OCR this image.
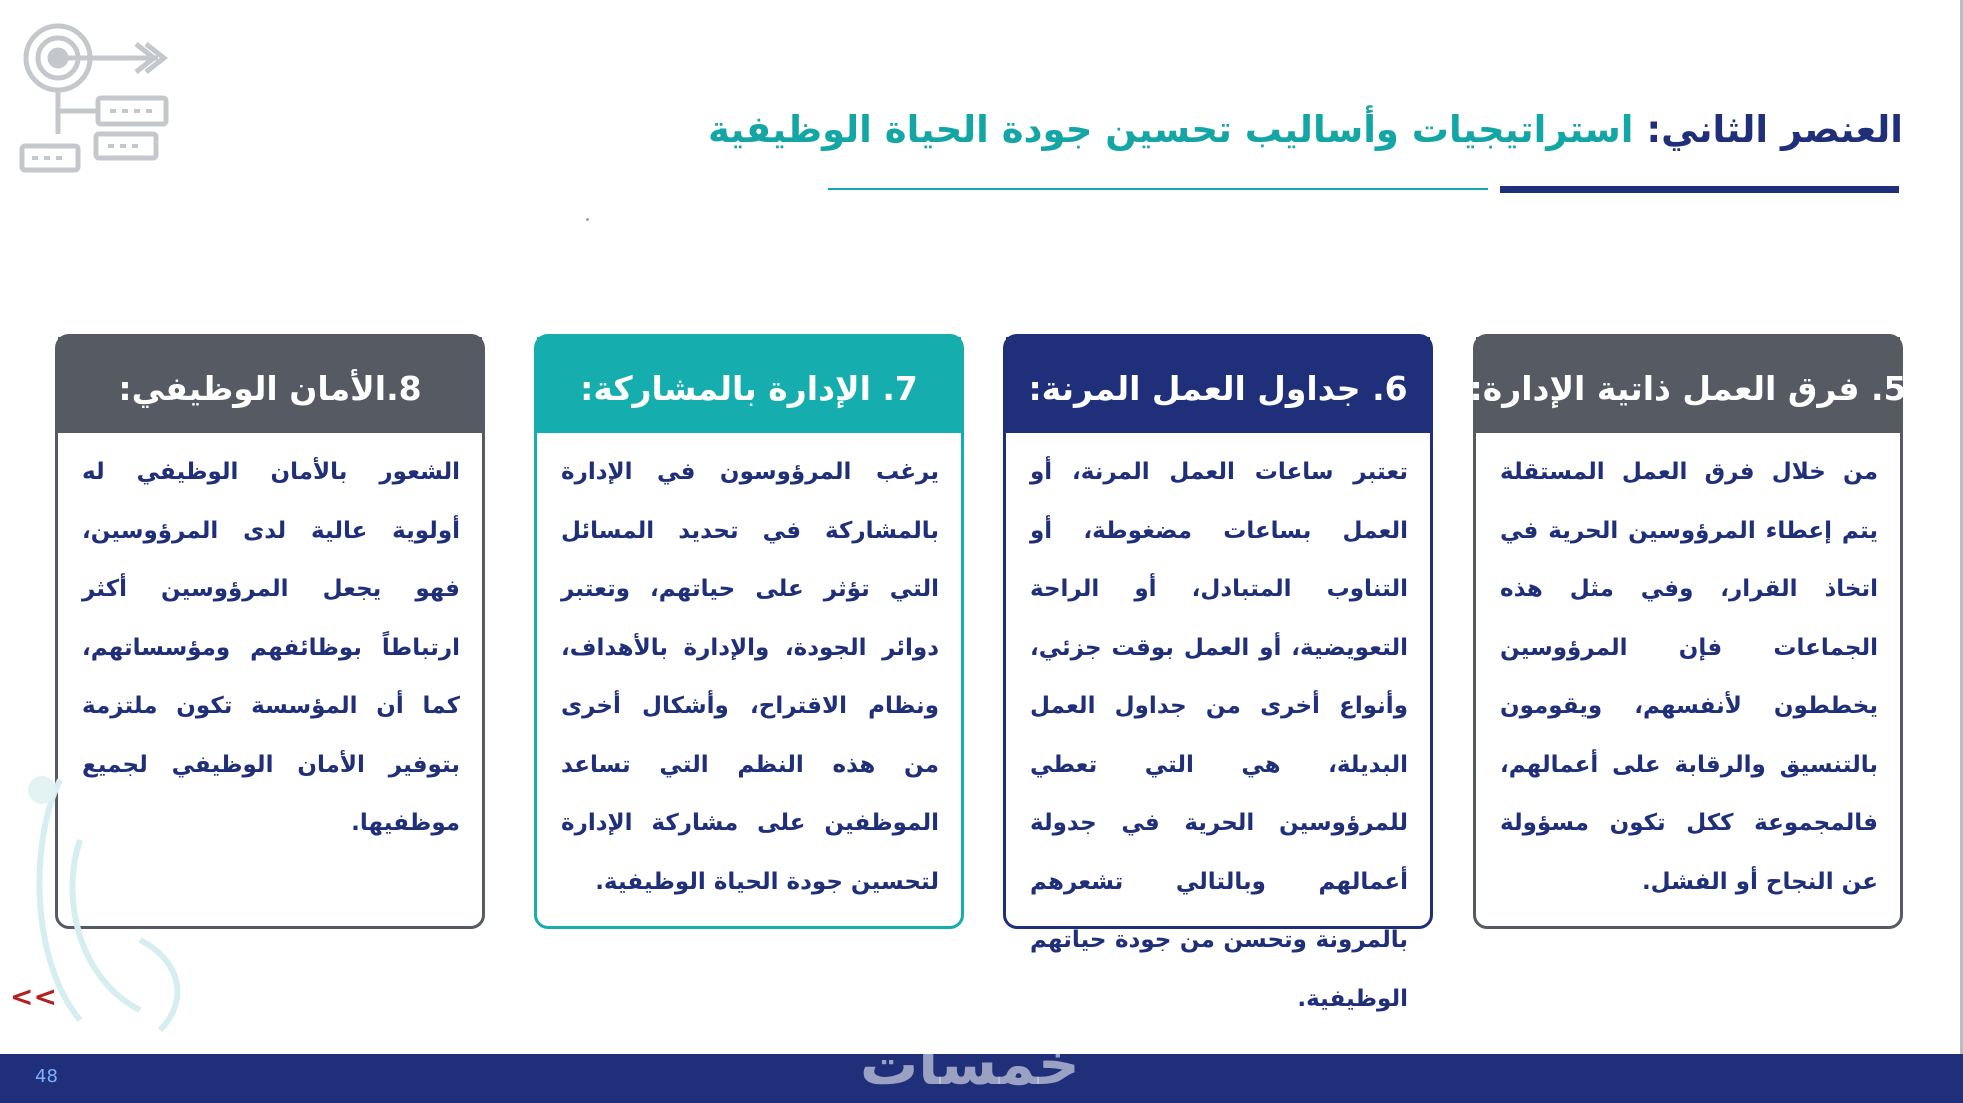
العنصر الثاني: استراتيجيات وأساليب تحسين جودة الحياة الوظيفية
5. فرق العمل ذاتية الإدارة:
من خلال فرق العمل المستقلة يتم إعطاء المرؤوسين الحرية في اتخاذ القرار، وفي مثل هذه الجماعات فإن المرؤوسين يخططون لأنفسهم، ويقومون بالتنسيق والرقابة على أعمالهم، فالمجموعة ككل تكون مسؤولة عن النجاح أو الفشل.
6. جداول العمل المرنة:
تعتبر ساعات العمل المرنة، أو العمل بساعات مضغوطة، أو التناوب المتبادل، أو الراحة التعويضية، أو العمل بوقت جزئي، وأنواع أخرى من جداول العمل البديلة، هي التي تعطي للمرؤوسين الحرية في جدولة أعمالهم وبالتالي تشعرهم بالمرونة وتحسن من جودة حياتهم الوظيفية.
7. الإدارة بالمشاركة:
يرغب المرؤوسون في الإدارة بالمشاركة في تحديد المسائل التي تؤثر على حياتهم، وتعتبر دوائر الجودة، والإدارة بالأهداف، ونظام الاقتراح، وأشكال أخرى من هذه النظم التي تساعد الموظفين على مشاركة الإدارة لتحسين جودة الحياة الوظيفية.
8.الأمان الوظيفي:
الشعور بالأمان الوظيفي له أولوية عالية لدى المرؤوسين، فهو يجعل المرؤوسين أكثر ارتباطاً بوظائفهم ومؤسساتهم، كما أن المؤسسة تكون ملتزمة بتوفير الأمان الوظيفي لجميع موظفيها.
<<
48	خمسات
